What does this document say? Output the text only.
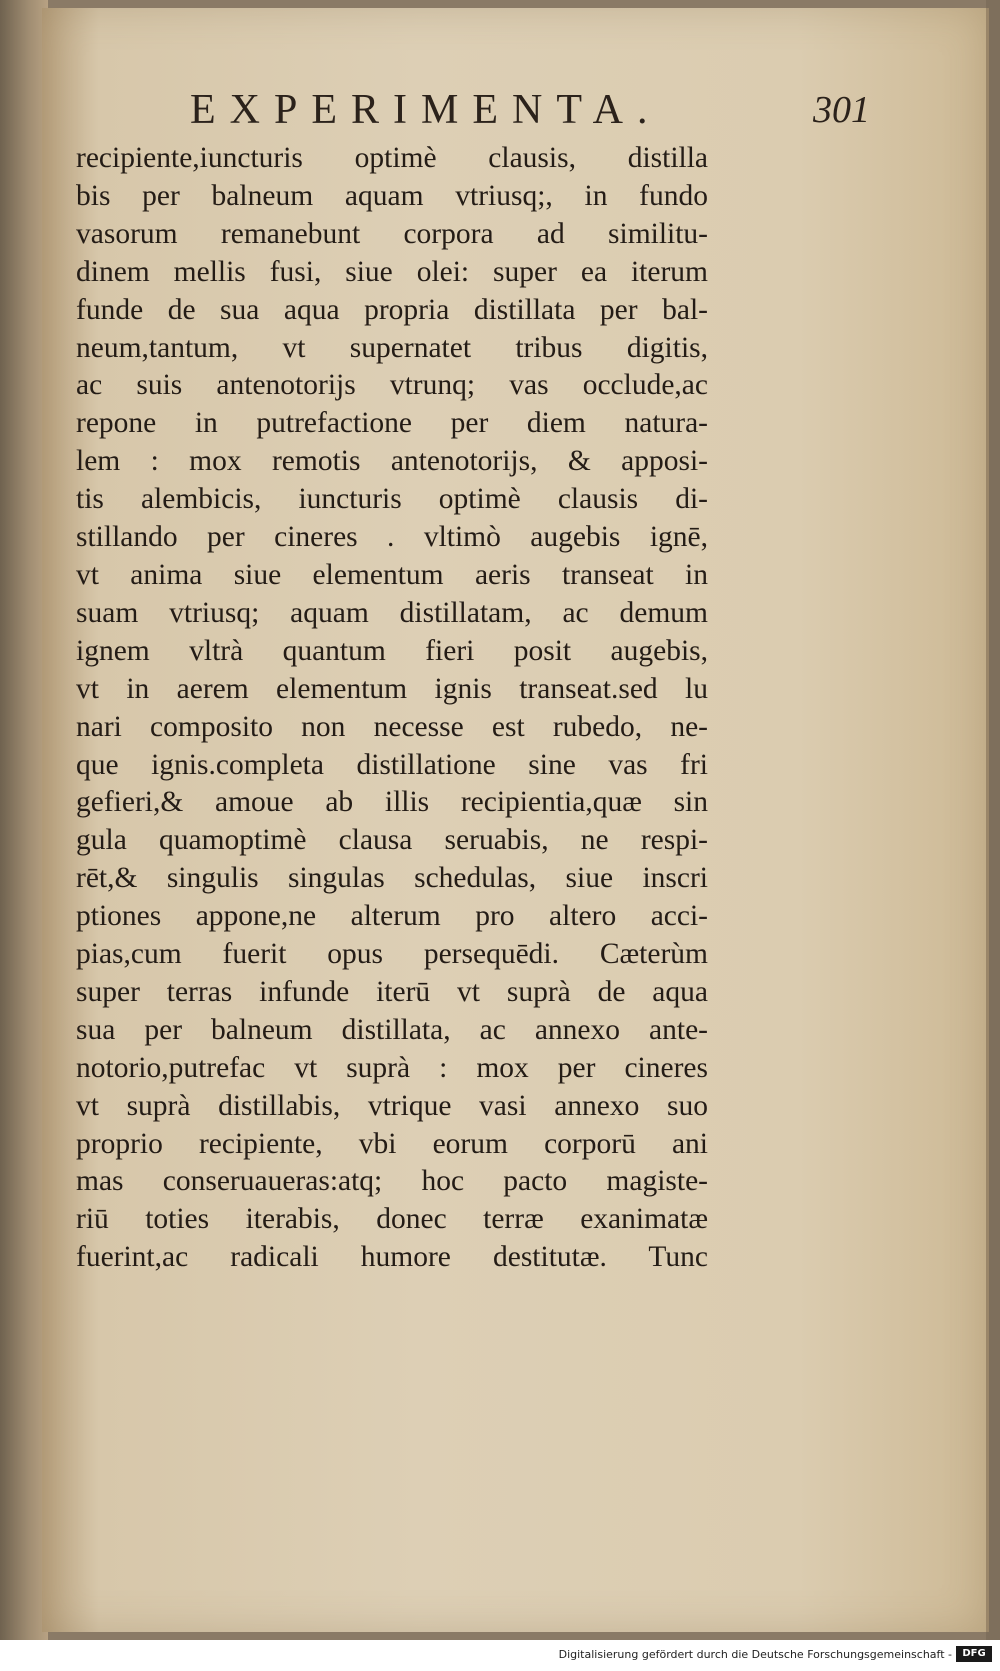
EXPERIMENTA.	301
recipiente,iuncturis optimè clausis, distilla
bis per balneum aquam vtriusq;, in fundo
vasorum remanebunt corpora ad similitu-
dinem mellis fusi, siue olei: super ea iterum
funde de sua aqua propria distillata per bal-
neum,tantum, vt supernatet tribus digitis,
ac suis antenotorijs vtrunq; vas occlude,ac
repone in putrefactione per diem natura-
lem : mox remotis antenotorijs, & apposi-
tis alembicis, iuncturis optimè clausis di-
stillando per cineres . vltimò augebis ignē,
vt anima siue elementum aeris transeat in
suam vtriusq; aquam distillatam, ac demum
ignem vltrà quantum fieri posit augebis,
vt in aerem elementum ignis transeat.sed lu
nari composito non necesse est rubedo, ne-
que ignis.completa distillatione sine vas fri
gefieri,& amoue ab illis recipientia,quæ sin
gula quamoptimè clausa seruabis, ne respi-
rēt,& singulis singulas schedulas, siue inscri
ptiones appone,ne alterum pro altero acci-
pias,cum fuerit opus persequēdi. Cæterùm
super terras infunde iterū vt suprà de aqua
sua per balneum distillata, ac annexo ante-
notorio,putrefac vt suprà : mox per cineres
vt suprà distillabis, vtrique vasi annexo suo
proprio recipiente, vbi eorum corporū ani
mas conseruaueras:atq; hoc pacto magiste-
riū toties iterabis, donec terræ exanimatæ
fuerint,ac radicali humore destitutæ. Tunc
Digitalisierung gefördert durch die Deutsche Forschungsgemeinschaft -	DFG
